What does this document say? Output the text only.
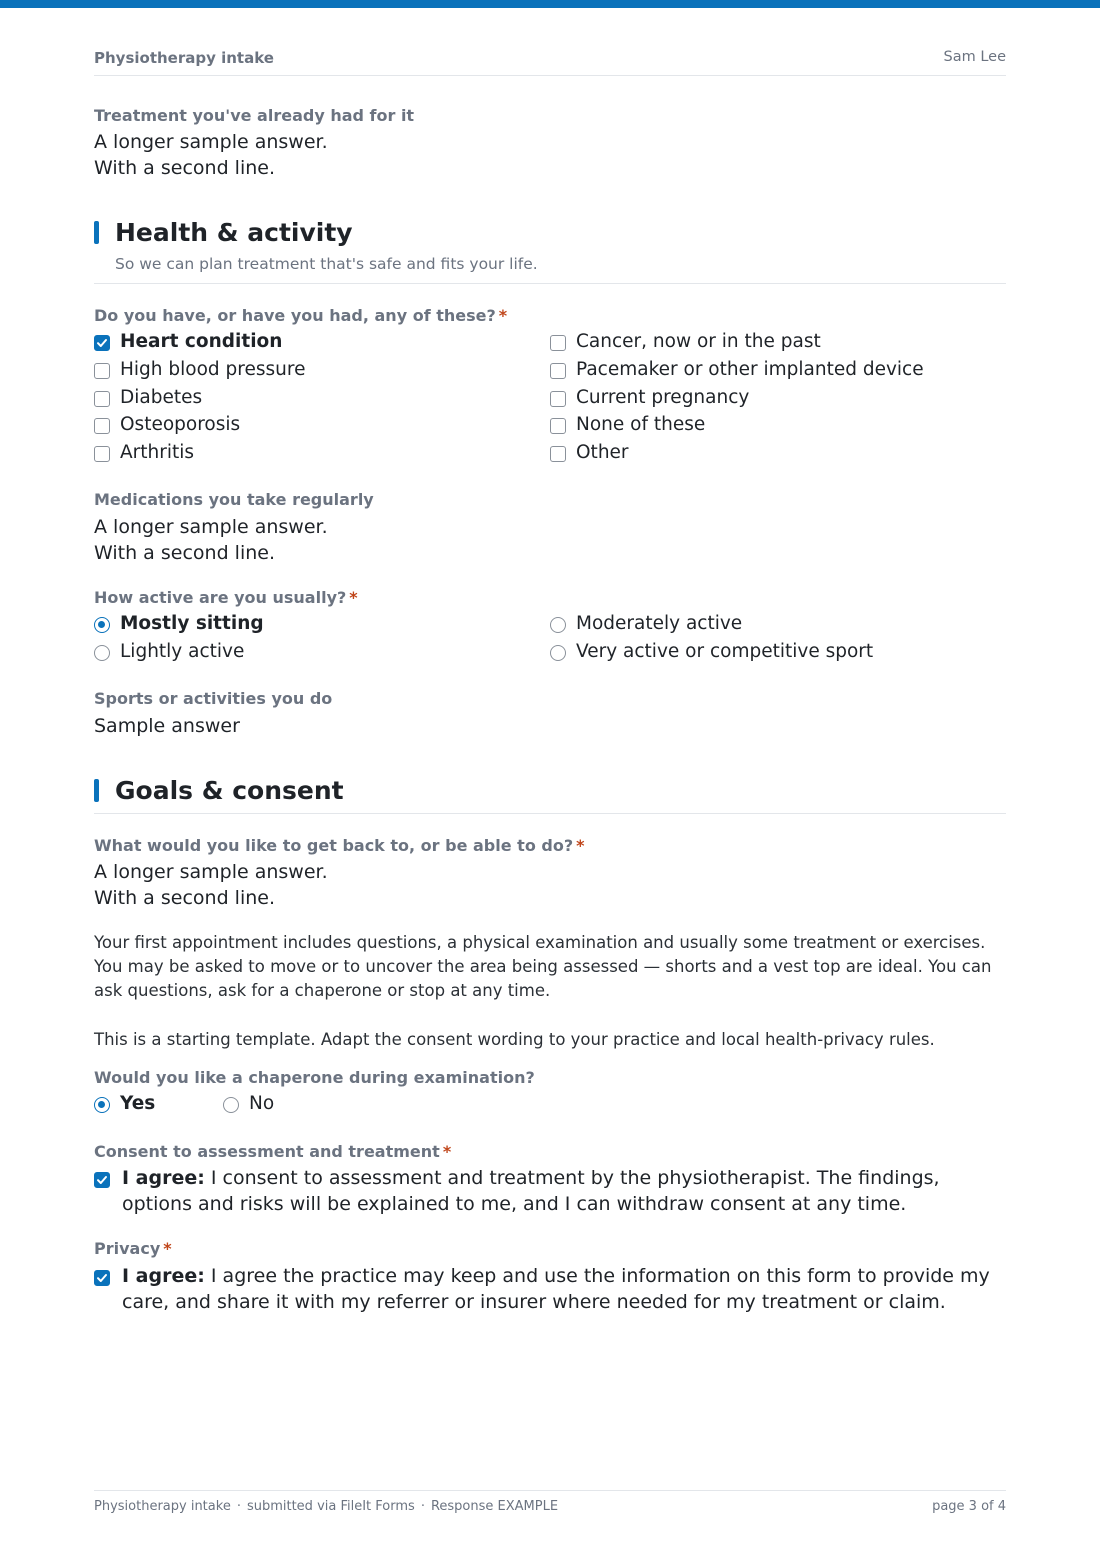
Physiotherapy intake	Sam Lee
Treatment you've already had for it
A longer sample answer.
With a second line.
Health & activity
So we can plan treatment that's safe and fits your life.
Do you have, or have you had, any of these? *
Heart condition
High blood pressure
Diabetes
Osteoporosis
Arthritis
Cancer, now or in the past
Pacemaker or other implanted device
Current pregnancy
None of these
Other
Medications you take regularly
A longer sample answer.
With a second line.
How active are you usually? *
Mostly sitting
Lightly active
Moderately active
Very active or competitive sport
Sports or activities you do
Sample answer
Goals & consent
What would you like to get back to, or be able to do? *
A longer sample answer.
With a second line.
Your first appointment includes questions, a physical examination and usually some treatment or exercises. You may be asked to move or to uncover the area being assessed — shorts and a vest top are ideal. You can ask questions, ask for a chaperone or stop at any time.
This is a starting template. Adapt the consent wording to your practice and local health-privacy rules.
Would you like a chaperone during examination?
Yes	No
Consent to assessment and treatment *
I agree: I consent to assessment and treatment by the physiotherapist. The findings, options and risks will be explained to me, and I can withdraw consent at any time.
Privacy *
I agree: I agree the practice may keep and use the information on this form to provide my care, and share it with my referrer or insurer where needed for my treatment or claim.
Physiotherapy intake · submitted via FileIt Forms · Response EXAMPLE	page 3 of 4
